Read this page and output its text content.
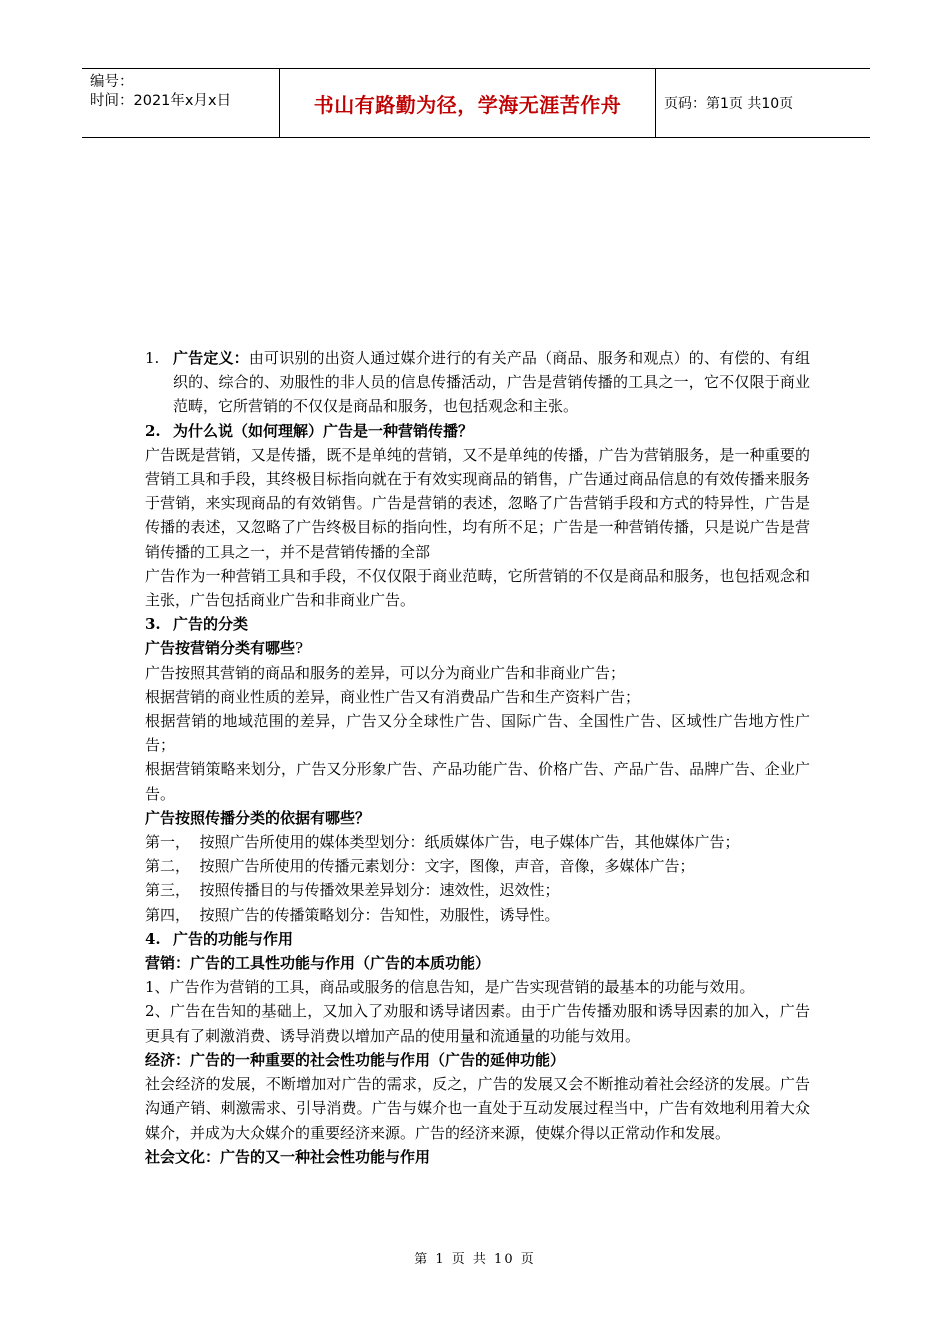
编号：
时间：2021年x月x日	书山有路勤为径，学海无涯苦作舟	页码：第1页 共10页
1. 广告定义：由可识别的出资人通过媒介进行的有关产品（商品、服务和观点）的、有偿的、有组织的、综合的、劝服性的非人员的信息传播活动，广告是营销传播的工具之一，它不仅限于商业范畴，它所营销的不仅仅是商品和服务，也包括观念和主张。
2. 为什么说（如何理解）广告是一种营销传播？

广告既是营销，又是传播，既不是单纯的营销，又不是单纯的传播，广告为营销服务，是一种重要的营销工具和手段，其终极目标指向就在于有效实现商品的销售，广告通过商品信息的有效传播来服务于营销，来实现商品的有效销售。广告是营销的表述，忽略了广告营销手段和方式的特异性，广告是传播的表述，又忽略了广告终极目标的指向性，均有所不足；广告是一种营销传播，只是说广告是营销传播的工具之一，并不是营销传播的全部

广告作为一种营销工具和手段，不仅仅限于商业范畴，它所营销的不仅是商品和服务，也包括观念和主张，广告包括商业广告和非商业广告。

3. 广告的分类

广告按营销分类有哪些?

广告按照其营销的商品和服务的差异，可以分为商业广告和非商业广告；

根据营销的商业性质的差异，商业性广告又有消费品广告和生产资料广告；

根据营销的地域范围的差异，广告又分全球性广告、国际广告、全国性广告、区域性广告地方性广告；

根据营销策略来划分，广告又分形象广告、产品功能广告、价格广告、产品广告、品牌广告、企业广告。

广告按照传播分类的依据有哪些？

第一，  按照广告所使用的媒体类型划分：纸质媒体广告，电子媒体广告，其他媒体广告；

第二，  按照广告所使用的传播元素划分：文字，图像，声音，音像，多媒体广告；

第三，  按照传播目的与传播效果差异划分：速效性，迟效性；

第四，  按照广告的传播策略划分：告知性，劝服性，诱导性。

4. 广告的功能与作用

营销：广告的工具性功能与作用（广告的本质功能）

1、广告作为营销的工具，商品或服务的信息告知，是广告实现营销的最基本的功能与效用。

2、广告在告知的基础上，又加入了劝服和诱导诸因素。由于广告传播劝服和诱导因素的加入，广告更具有了刺激消费、诱导消费以增加产品的使用量和流通量的功能与效用。

经济：广告的一种重要的社会性功能与作用（广告的延伸功能）

社会经济的发展，不断增加对广告的需求，反之，广告的发展又会不断推动着社会经济的发展。广告沟通产销、刺激需求、引导消费。广告与媒介也一直处于互动发展过程当中，广告有效地利用着大众媒介，并成为大众媒介的重要经济来源。广告的经济来源，使媒介得以正常动作和发展。

社会文化：广告的又一种社会性功能与作用

第 1 页 共 10 页
